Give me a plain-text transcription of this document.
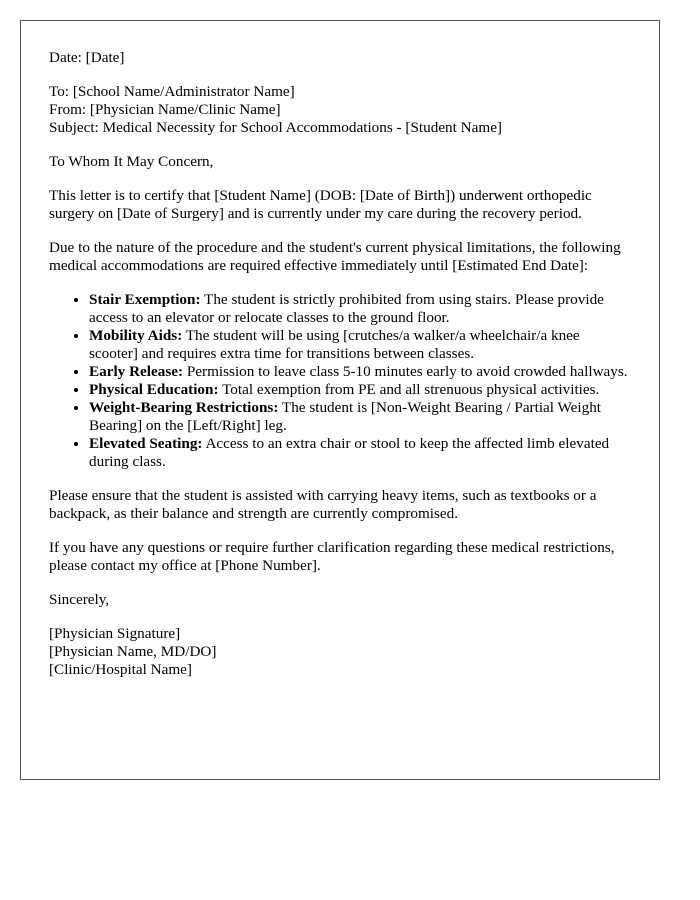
Date: [Date]
To: [School Name/Administrator Name]
From: [Physician Name/Clinic Name]
Subject: Medical Necessity for School Accommodations - [Student Name]
To Whom It May Concern,
This letter is to certify that [Student Name] (DOB: [Date of Birth]) underwent orthopedic surgery on [Date of Surgery] and is currently under my care during the recovery period.
Due to the nature of the procedure and the student's current physical limitations, the following medical accommodations are required effective immediately until [Estimated End Date]:
• Stair Exemption: The student is strictly prohibited from using stairs. Please provide access to an elevator or relocate classes to the ground floor.
• Mobility Aids: The student will be using [crutches/a walker/a wheelchair/a knee scooter] and requires extra time for transitions between classes.
• Early Release: Permission to leave class 5-10 minutes early to avoid crowded hallways.
• Physical Education: Total exemption from PE and all strenuous physical activities.
• Weight-Bearing Restrictions: The student is [Non-Weight Bearing / Partial Weight Bearing] on the [Left/Right] leg.
• Elevated Seating: Access to an extra chair or stool to keep the affected limb elevated during class.
Please ensure that the student is assisted with carrying heavy items, such as textbooks or a backpack, as their balance and strength are currently compromised.
If you have any questions or require further clarification regarding these medical restrictions, please contact my office at [Phone Number].
Sincerely,
[Physician Signature]
[Physician Name, MD/DO]
[Clinic/Hospital Name]
